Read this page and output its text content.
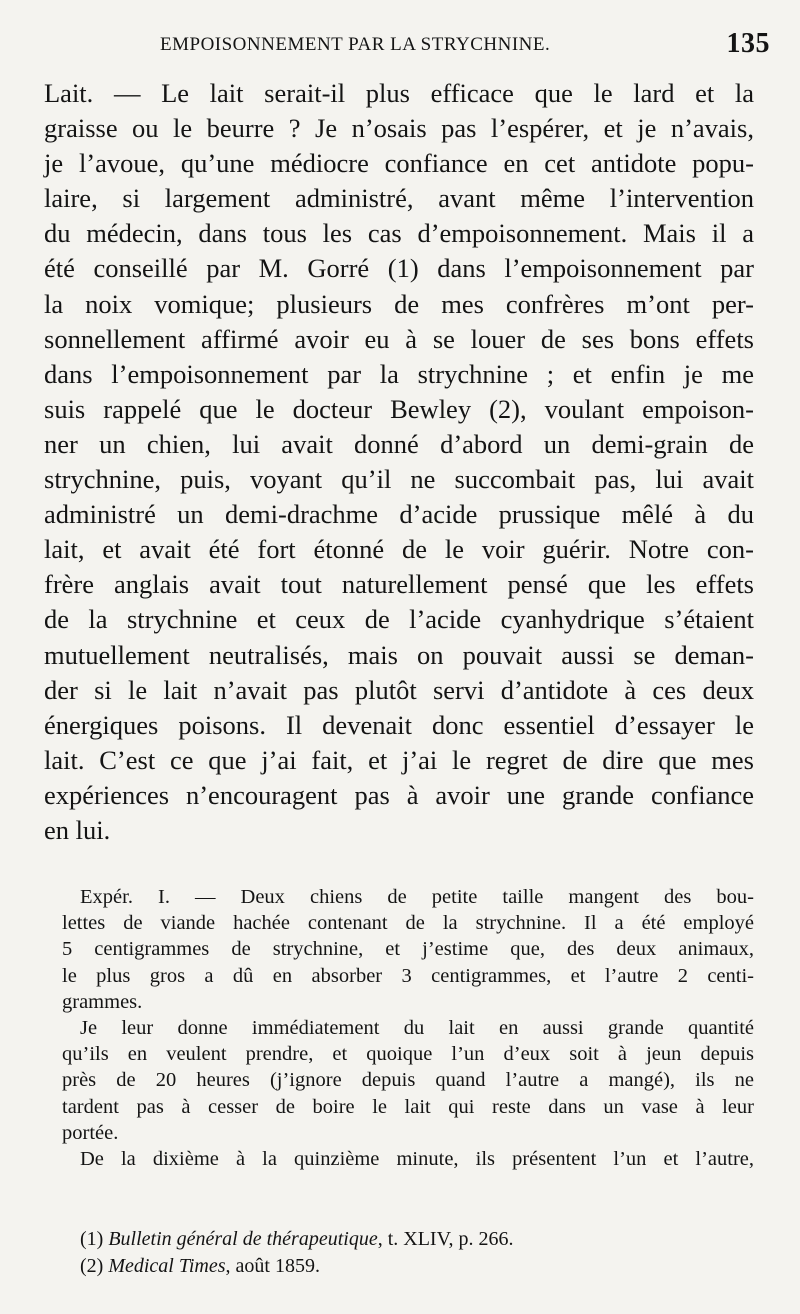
EMPOISONNEMENT PAR LA STRYCHNINE.	135
Lait. — Le lait serait-il plus efficace que le lard et la
graisse ou le beurre ? Je n’osais pas l’espérer, et je n’avais,
je l’avoue, qu’une médiocre confiance en cet antidote popu-
laire, si largement administré, avant même l’intervention
du médecin, dans tous les cas d’empoisonnement. Mais il a
été conseillé par M. Gorré (1) dans l’empoisonnement par
la noix vomique; plusieurs de mes confrères m’ont per-
sonnellement affirmé avoir eu à se louer de ses bons effets
dans l’empoisonnement par la strychnine ; et enfin je me
suis rappelé que le docteur Bewley (2), voulant empoison-
ner un chien, lui avait donné d’abord un demi-grain de
strychnine, puis, voyant qu’il ne succombait pas, lui avait
administré un demi-drachme d’acide prussique mêlé à du
lait, et avait été fort étonné de le voir guérir. Notre con-
frère anglais avait tout naturellement pensé que les effets
de la strychnine et ceux de l’acide cyanhydrique s’étaient
mutuellement neutralisés, mais on pouvait aussi se deman-
der si le lait n’avait pas plutôt servi d’antidote à ces deux
énergiques poisons. Il devenait donc essentiel d’essayer le
lait. C’est ce que j’ai fait, et j’ai le regret de dire que mes
expériences n’encouragent pas à avoir une grande confiance
en lui.
Expér. I. — Deux chiens de petite taille mangent des bou-
lettes de viande hachée contenant de la strychnine. Il a été employé
5 centigrammes de strychnine, et j’estime que, des deux animaux,
le plus gros a dû en absorber 3 centigrammes, et l’autre 2 centi-
grammes.
Je leur donne immédiatement du lait en aussi grande quantité
qu’ils en veulent prendre, et quoique l’un d’eux soit à jeun depuis
près de 20 heures (j’ignore depuis quand l’autre a mangé), ils ne
tardent pas à cesser de boire le lait qui reste dans un vase à leur
portée.
De la dixième à la quinzième minute, ils présentent l’un et l’autre,
(1) Bulletin général de thérapeutique, t. XLIV, p. 266.
(2) Medical Times, août 1859.
